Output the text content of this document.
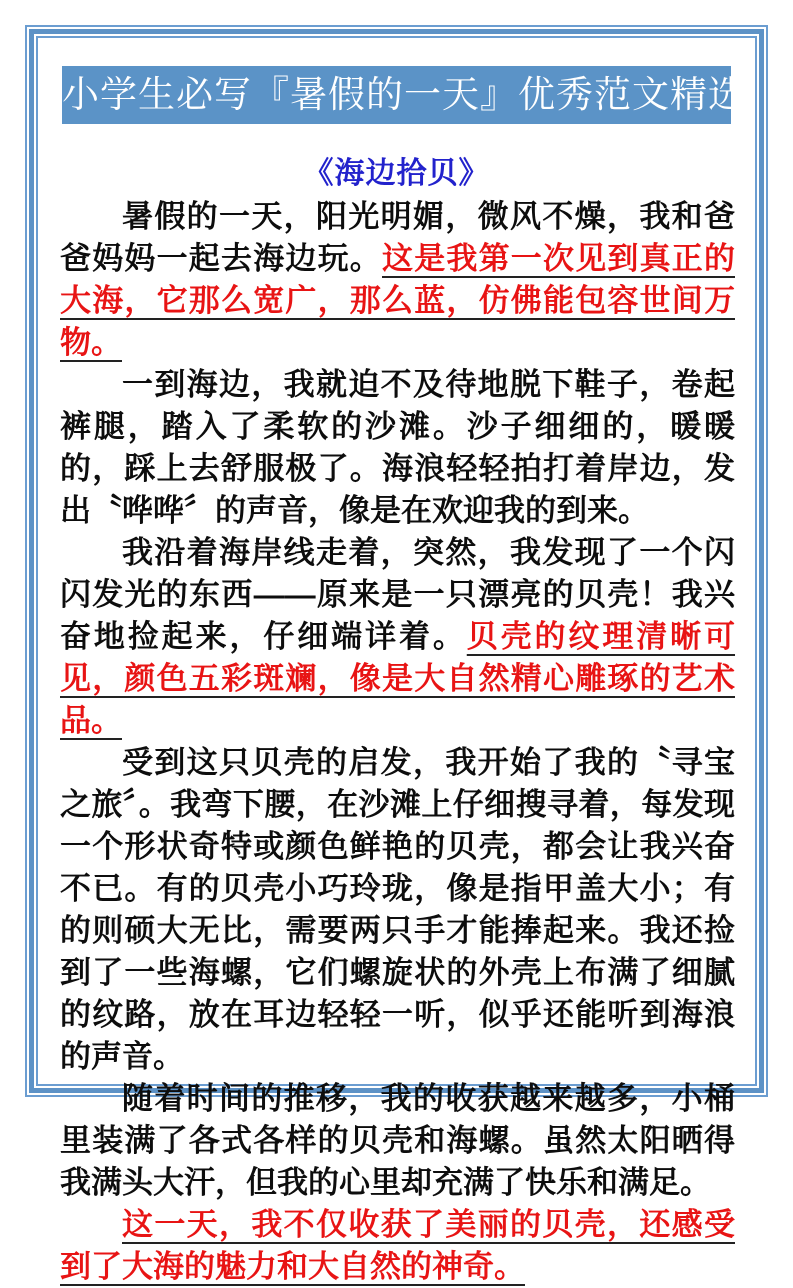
小学生必写『暑假的一天』优秀范文精选
《海边拾贝》

暑假的一天，阳光明媚，微风不燥，我和爸爸妈妈一起去海边玩。这是我第一次见到真正的大海，它那么宽广，那么蓝，仿佛能包容世间万物。

一到海边，我就迫不及待地脱下鞋子，卷起裤腿，踏入了柔软的沙滩。沙子细细的，暖暖的，踩上去舒服极了。海浪轻轻拍打着岸边，发出〝哗哗〞的声音，像是在欢迎我的到来。

我沿着海岸线走着，突然，我发现了一个闪闪发光的东西——原来是一只漂亮的贝壳！我兴奋地捡起来，仔细端详着。贝壳的纹理清晰可见，颜色五彩斑斓，像是大自然精心雕琢的艺术品。

受到这只贝壳的启发，我开始了我的〝寻宝之旅〞。我弯下腰，在沙滩上仔细搜寻着，每发现一个形状奇特或颜色鲜艳的贝壳，都会让我兴奋不已。有的贝壳小巧玲珑，像是指甲盖大小；有的则硕大无比，需要两只手才能捧起来。我还捡到了一些海螺，它们螺旋状的外壳上布满了细腻的纹路，放在耳边轻轻一听，似乎还能听到海浪的声音。

随着时间的推移，我的收获越来越多，小桶里装满了各式各样的贝壳和海螺。虽然太阳晒得我满头大汗，但我的心里却充满了快乐和满足。

这一天，我不仅收获了美丽的贝壳，还感受到了大海的魅力和大自然的神奇。
